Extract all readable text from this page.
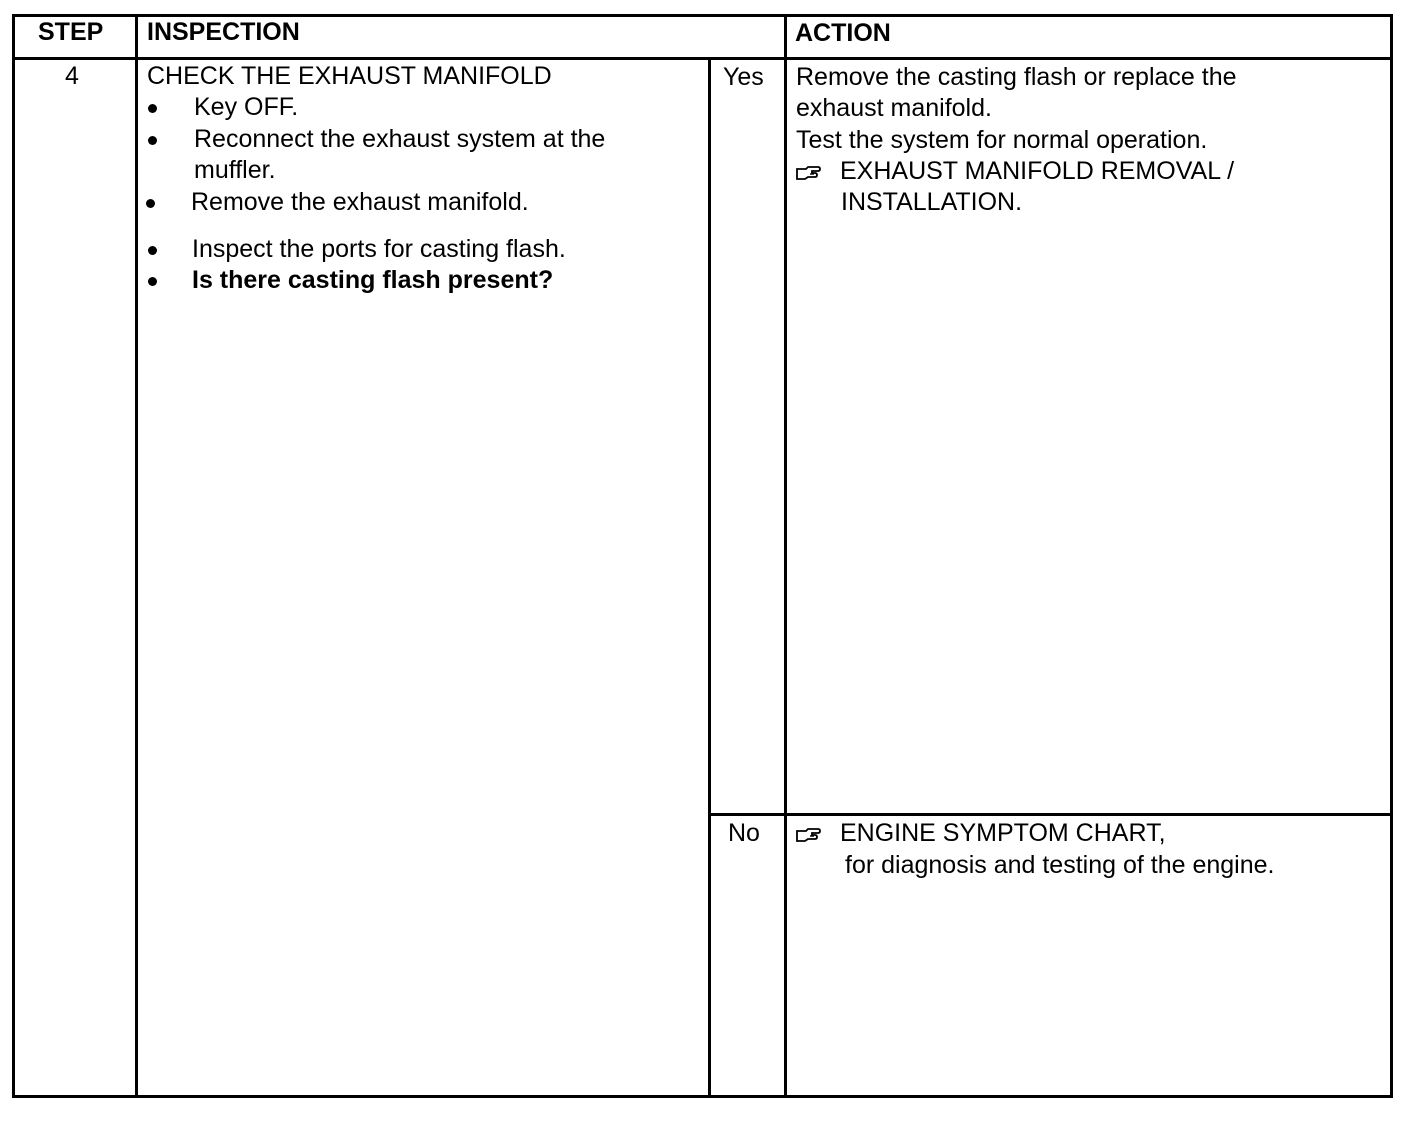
STEP INSPECTION	ACTION
4	CHECK THE EXHAUST MANIFOLD
Key OFF.
Reconnect the exhaust system at the
muffler.
Remove the exhaust manifold.
Inspect the ports for casting flash.
Is there casting flash present?
Yes
No
Remove the casting flash or replace the
exhaust manifold.
Test the system for normal operation.
EXHAUST MANIFOLD REMOVAL /
INSTALLATION.
ENGINE SYMPTOM CHART,
for diagnosis and testing of the engine.
